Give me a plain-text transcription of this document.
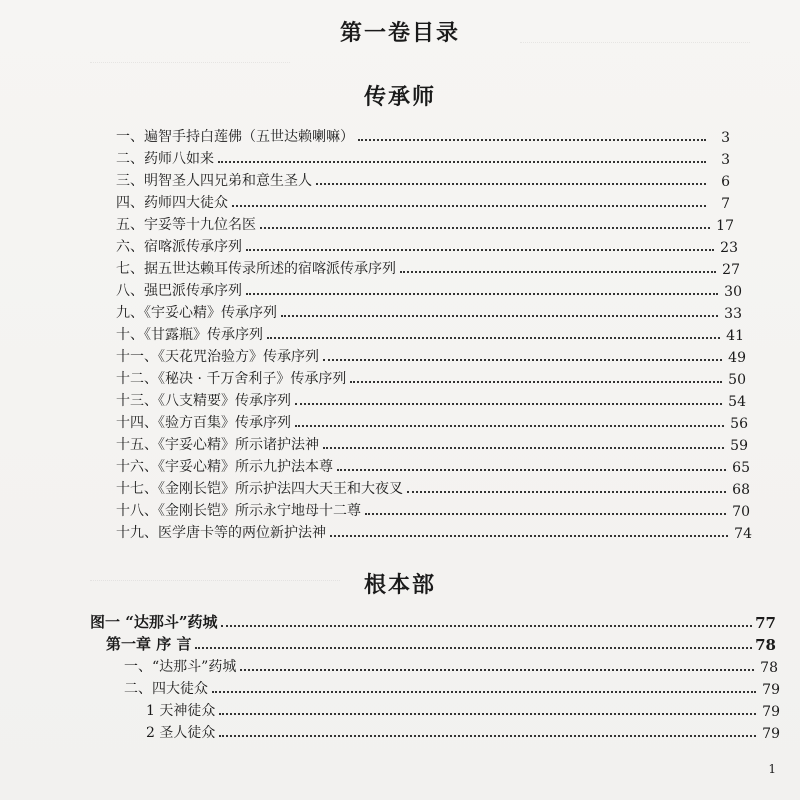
第一卷目录
传承师
一、遍智手持白莲佛（五世达赖喇嘛）	3
二、药师八如来	3
三、明智圣人四兄弟和意生圣人	6
四、药师四大徒众	7
五、宇妥等十九位名医	17
六、宿喀派传承序列	23
七、据五世达赖耳传录所述的宿喀派传承序列	27
八、强巴派传承序列	30
九、《宇妥心精》传承序列	33
十、《甘露瓶》传承序列	41
十一、《天花咒治验方》传承序列	49
十二、《秘决 · 千万舍利子》传承序列	50
十三、《八支精要》传承序列	54
十四、《验方百集》传承序列	56
十五、《宇妥心精》所示诸护法神	59
十六、《宇妥心精》所示九护法本尊	65
十七、《金刚长铠》所示护法四大天王和大夜叉	68
十八、《金刚长铠》所示永宁地母十二尊	70
十九、医学唐卡等的两位新护法神	74
根本部
图一 “达那斗”药城	77
第一章 序 言	78
一、“达那斗”药城	78
二、四大徒众	79
1 天神徒众	79
2 圣人徒众	79
1
